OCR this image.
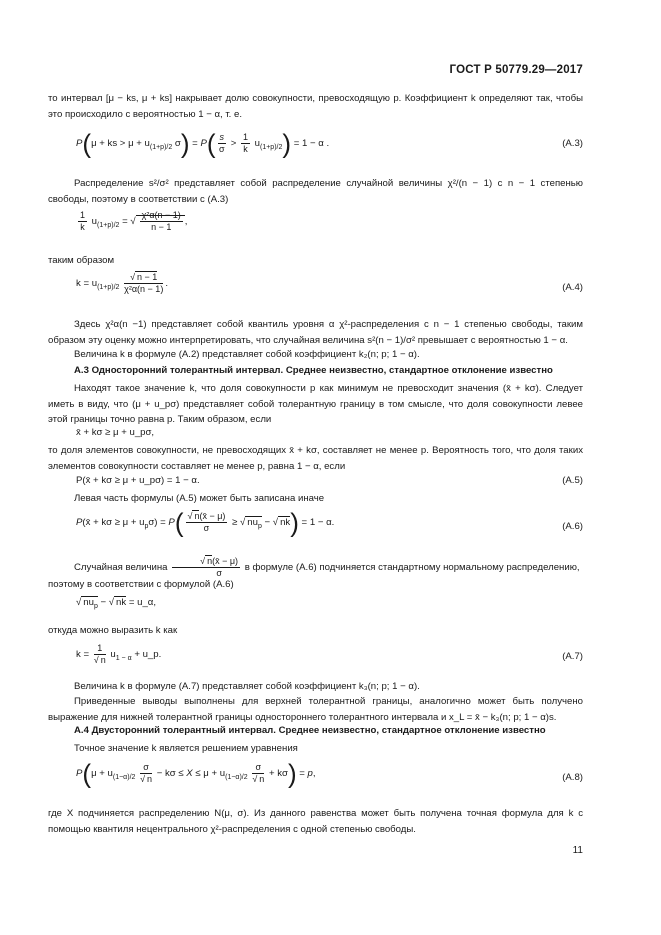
ГОСТ Р 50779.29—2017
то интервал [μ − ks, μ + ks] накрывает долю совокупности, превосходящую p. Коэффициент k определяют так, чтобы это происходило с вероятностью 1 − α, т. е.
P(μ + ks > $\mu + u_{(1+p)/2}$ $\sigma) = P( \frac{s}{\sigma} > \frac{1}{k} u_{(1+p)/2}) = 1 - \alpha$ .	(А.3)
Распределение s²/σ² представляет собой распределение случайной величины χ²/(n − 1) с n − 1 степенью свободы, поэтому в соответствии с (А.3)
$\frac{1}{k} u_{(1+p)/2}$ = √ $\frac{\text{χ²α(n − 1)}}{n - 1}$ ,
таким образом
$k = u_{(1+p)/2} \frac{√ n - 1}{\text{χ²α(n − 1)}}$ .	(А.4)
Здесь χ²α(n −1) представляет собой квантиль уровня α χ²-распределения с n − 1 степенью свободы, таким образом эту оценку можно интерпретировать, что случайная величина s²(n − 1)/σ² превышает с вероятностью 1 − α.
Величина k в формуле (А.2) представляет собой коэффициент k₂(n; p; 1 − α).
А.3 Односторонний толерантный интервал. Среднее неизвестно, стандартное отклонение известно
Находят такое значение k, что доля совокупности p как минимум не превосходит значения (x̄ + kσ). Следует иметь в виду, что (μ + u_pσ) представляет собой толерантную границу в том смысле, что доля совокупности левее этой границы точно равна p. Таким образом, если
x̄ + kσ ≥ μ + u_pσ,
то доля элементов совокупности, не превосходящих x̄ + kσ, составляет не менее p. Вероятность того, что доля таких элементов совокупности составляет не менее p, равна 1 − α, если
P(x̄ + kσ ≥ μ + u_pσ) = 1 − α.	(А.5)
Левая часть формулы (А.5) может быть записана иначе
P(x̄ + $k\sigma \ge \mu + u_p\sigma) = P( \frac{√ n(x̄ - \mu)}{\sigma}$ ≥ √ $nu_p$ − √ nk) = 1 − α.	(А.6)
Случайная величина $\frac{√ n(x̄ - \mu)}{\sigma}$ в формуле (А.6) подчиняется стандартному нормальному распределению,
поэтому в соответствии с формулой (А.6)
√ $nu_p$ − √ nk = u_α,
откуда можно выразить k как
$k = \frac{1}{√ n} u_{1 - \alpha}$ + u_p.	(А.7)
Величина k в формуле (А.7) представляет собой коэффициент k₃(n; p; 1 − α).
Приведенные выводы выполнены для верхней толерантной границы, аналогично может быть получено выражение для нижней толерантной границы одностороннего толерантного интервала и x_L = x̄ − k₃(n; p; 1 − α)s.
А.4 Двусторонний толерантный интервал. Среднее неизвестно, стандартное отклонение известно
Точное значение k является решением уравнения
$P(\mu + u_{(1-\alpha)/2} \frac{\sigma}{√ n} - k\sigma \le X \le \mu + u_{(1-\alpha)/2} \frac{\sigma}{√ n} + k\sigma) = p$,	(А.8)
где X подчиняется распределению N(μ, σ). Из данного равенства может быть получена точная формула для k с помощью квантиля нецентрального χ²-распределения с одной степенью свободы.
11
